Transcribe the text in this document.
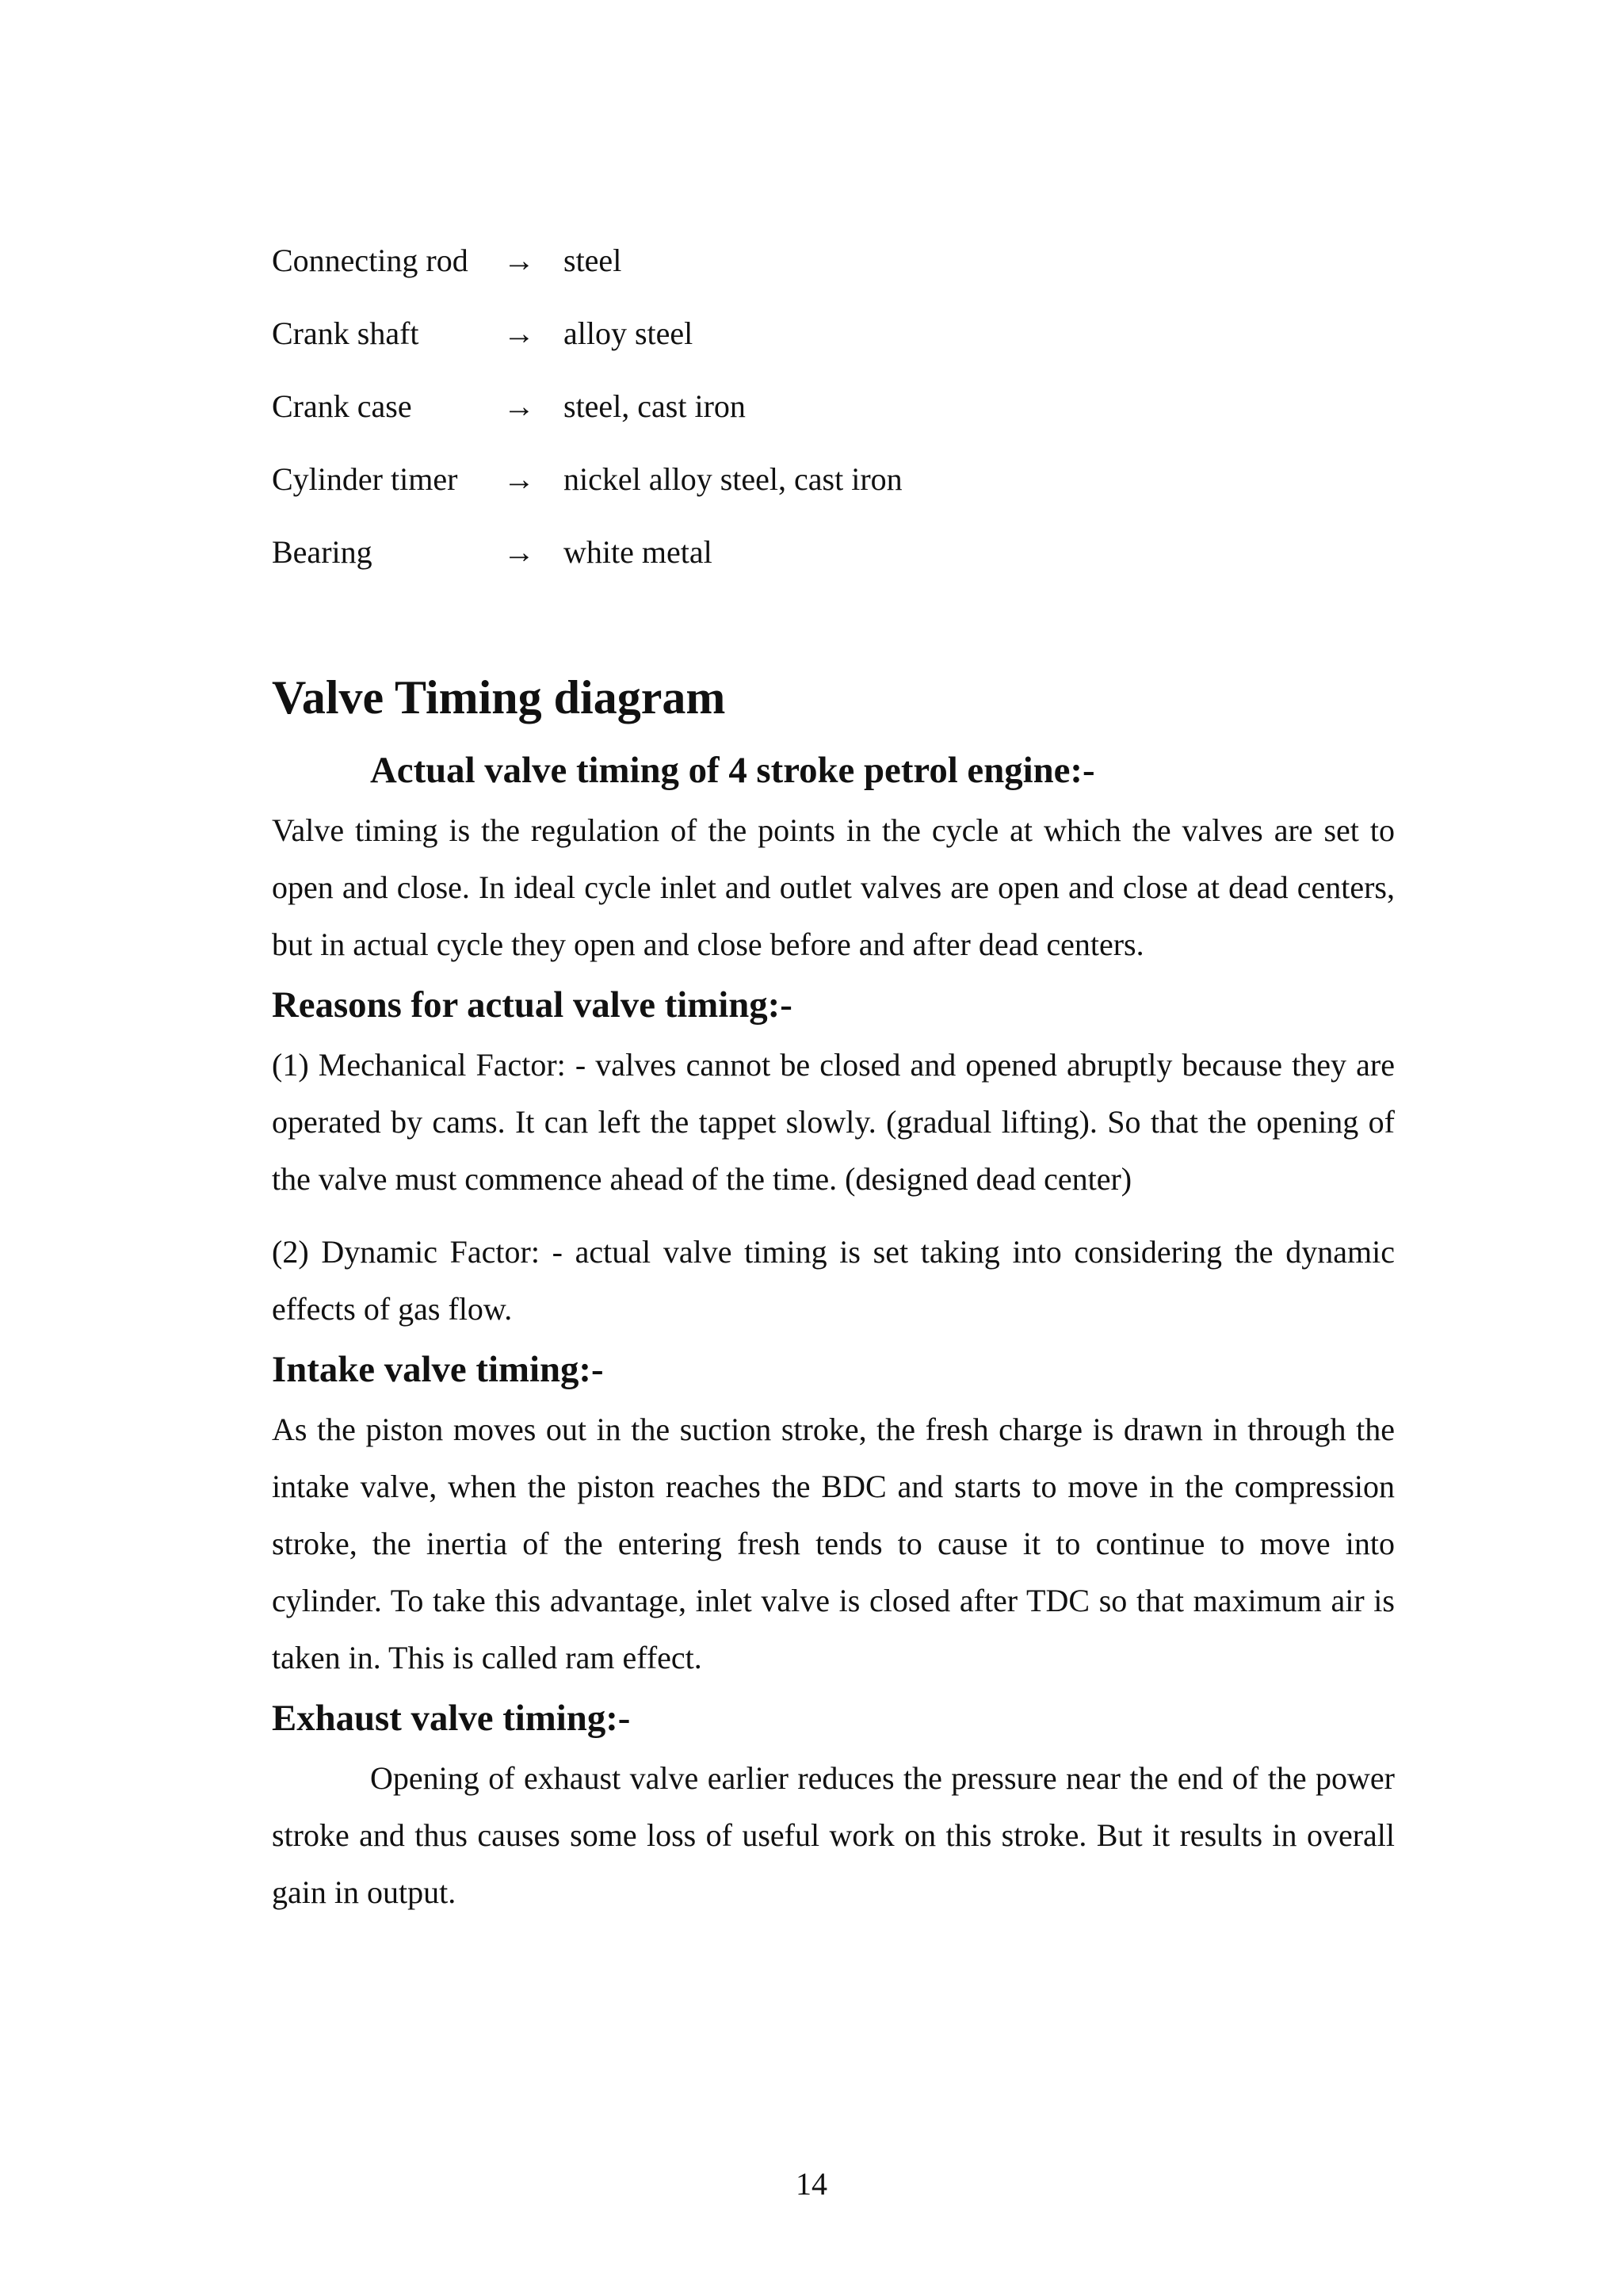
Connecting rod	→ steel
Crank shaft	→ alloy steel
Crank case	→ steel, cast iron
Cylinder timer	→ nickel alloy steel, cast iron
Bearing	→ white metal
Valve Timing diagram
Actual valve timing of 4 stroke petrol engine:-

Valve timing is the regulation of the points in the cycle at which the valves are set to open and close. In ideal cycle inlet and outlet valves are open and close at dead centers, but in actual cycle they open and close before and after dead centers.

Reasons for actual valve timing:-

(1) Mechanical Factor: - valves cannot be closed and opened abruptly because they are operated by cams. It can left the tappet slowly. (gradual lifting). So that the opening of the valve must commence ahead of the time. (designed dead center)

(2) Dynamic Factor: - actual valve timing is set taking into considering the dynamic effects of gas flow.

Intake valve timing:-

As the piston moves out in the suction stroke, the fresh charge is drawn in through the intake valve, when the piston reaches the BDC and starts to move in the compression stroke, the inertia of the entering fresh tends to cause it to continue to move into cylinder. To take this advantage, inlet valve is closed after TDC so that maximum air is taken in. This is called ram effect.

Exhaust valve timing:-

Opening of exhaust valve earlier reduces the pressure near the end of the power stroke and thus causes some loss of useful work on this stroke. But it results in overall gain in output.

14
